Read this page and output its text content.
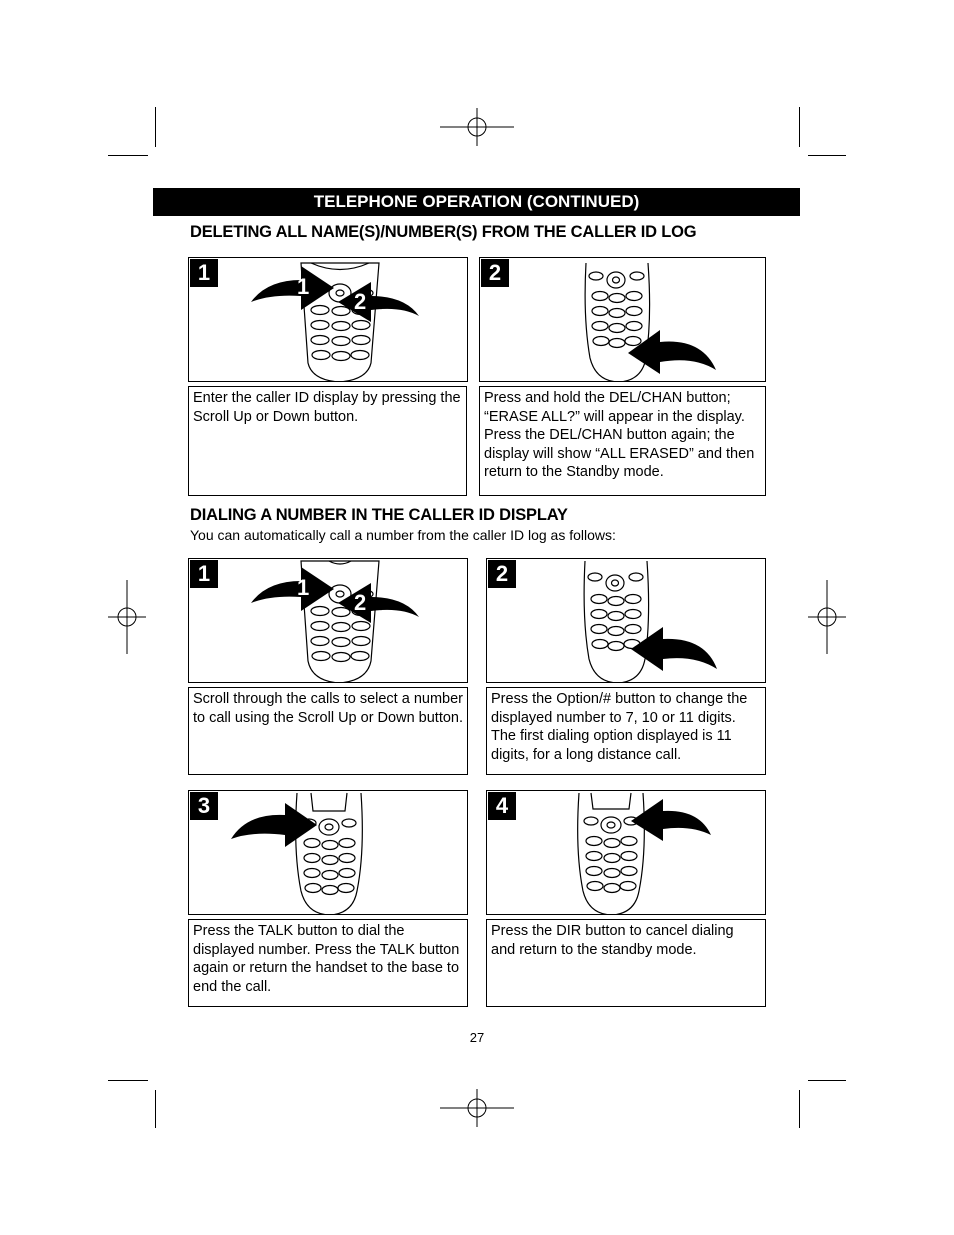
TELEPHONE OPERATION (CONTINUED)
DELETING ALL NAME(S)/NUMBER(S) FROM THE CALLER ID LOG
1
2
1
Enter the caller ID display by pressing the Scroll Up or Down button.
2
Press and hold the DEL/CHAN button; “ERASE ALL?” will appear in the display. Press the DEL/CHAN button again; the display will show “ALL ERASED” and then return to the Standby mode.
DIALING A NUMBER IN THE CALLER ID DISPLAY
You can automatically call a number from the caller ID log as follows:
1
2
1
Scroll through the calls to select a number to call using the Scroll Up or Down button.
2
Press the Option/# button to change the displayed number to 7, 10 or 11 digits. The first dialing option displayed is 11 digits, for a long distance call.
3
Press the TALK button to dial the displayed number. Press the TALK button again or return the handset to the base to end the call.
4
Press the DIR button to cancel dialing and return to the standby mode.
27
